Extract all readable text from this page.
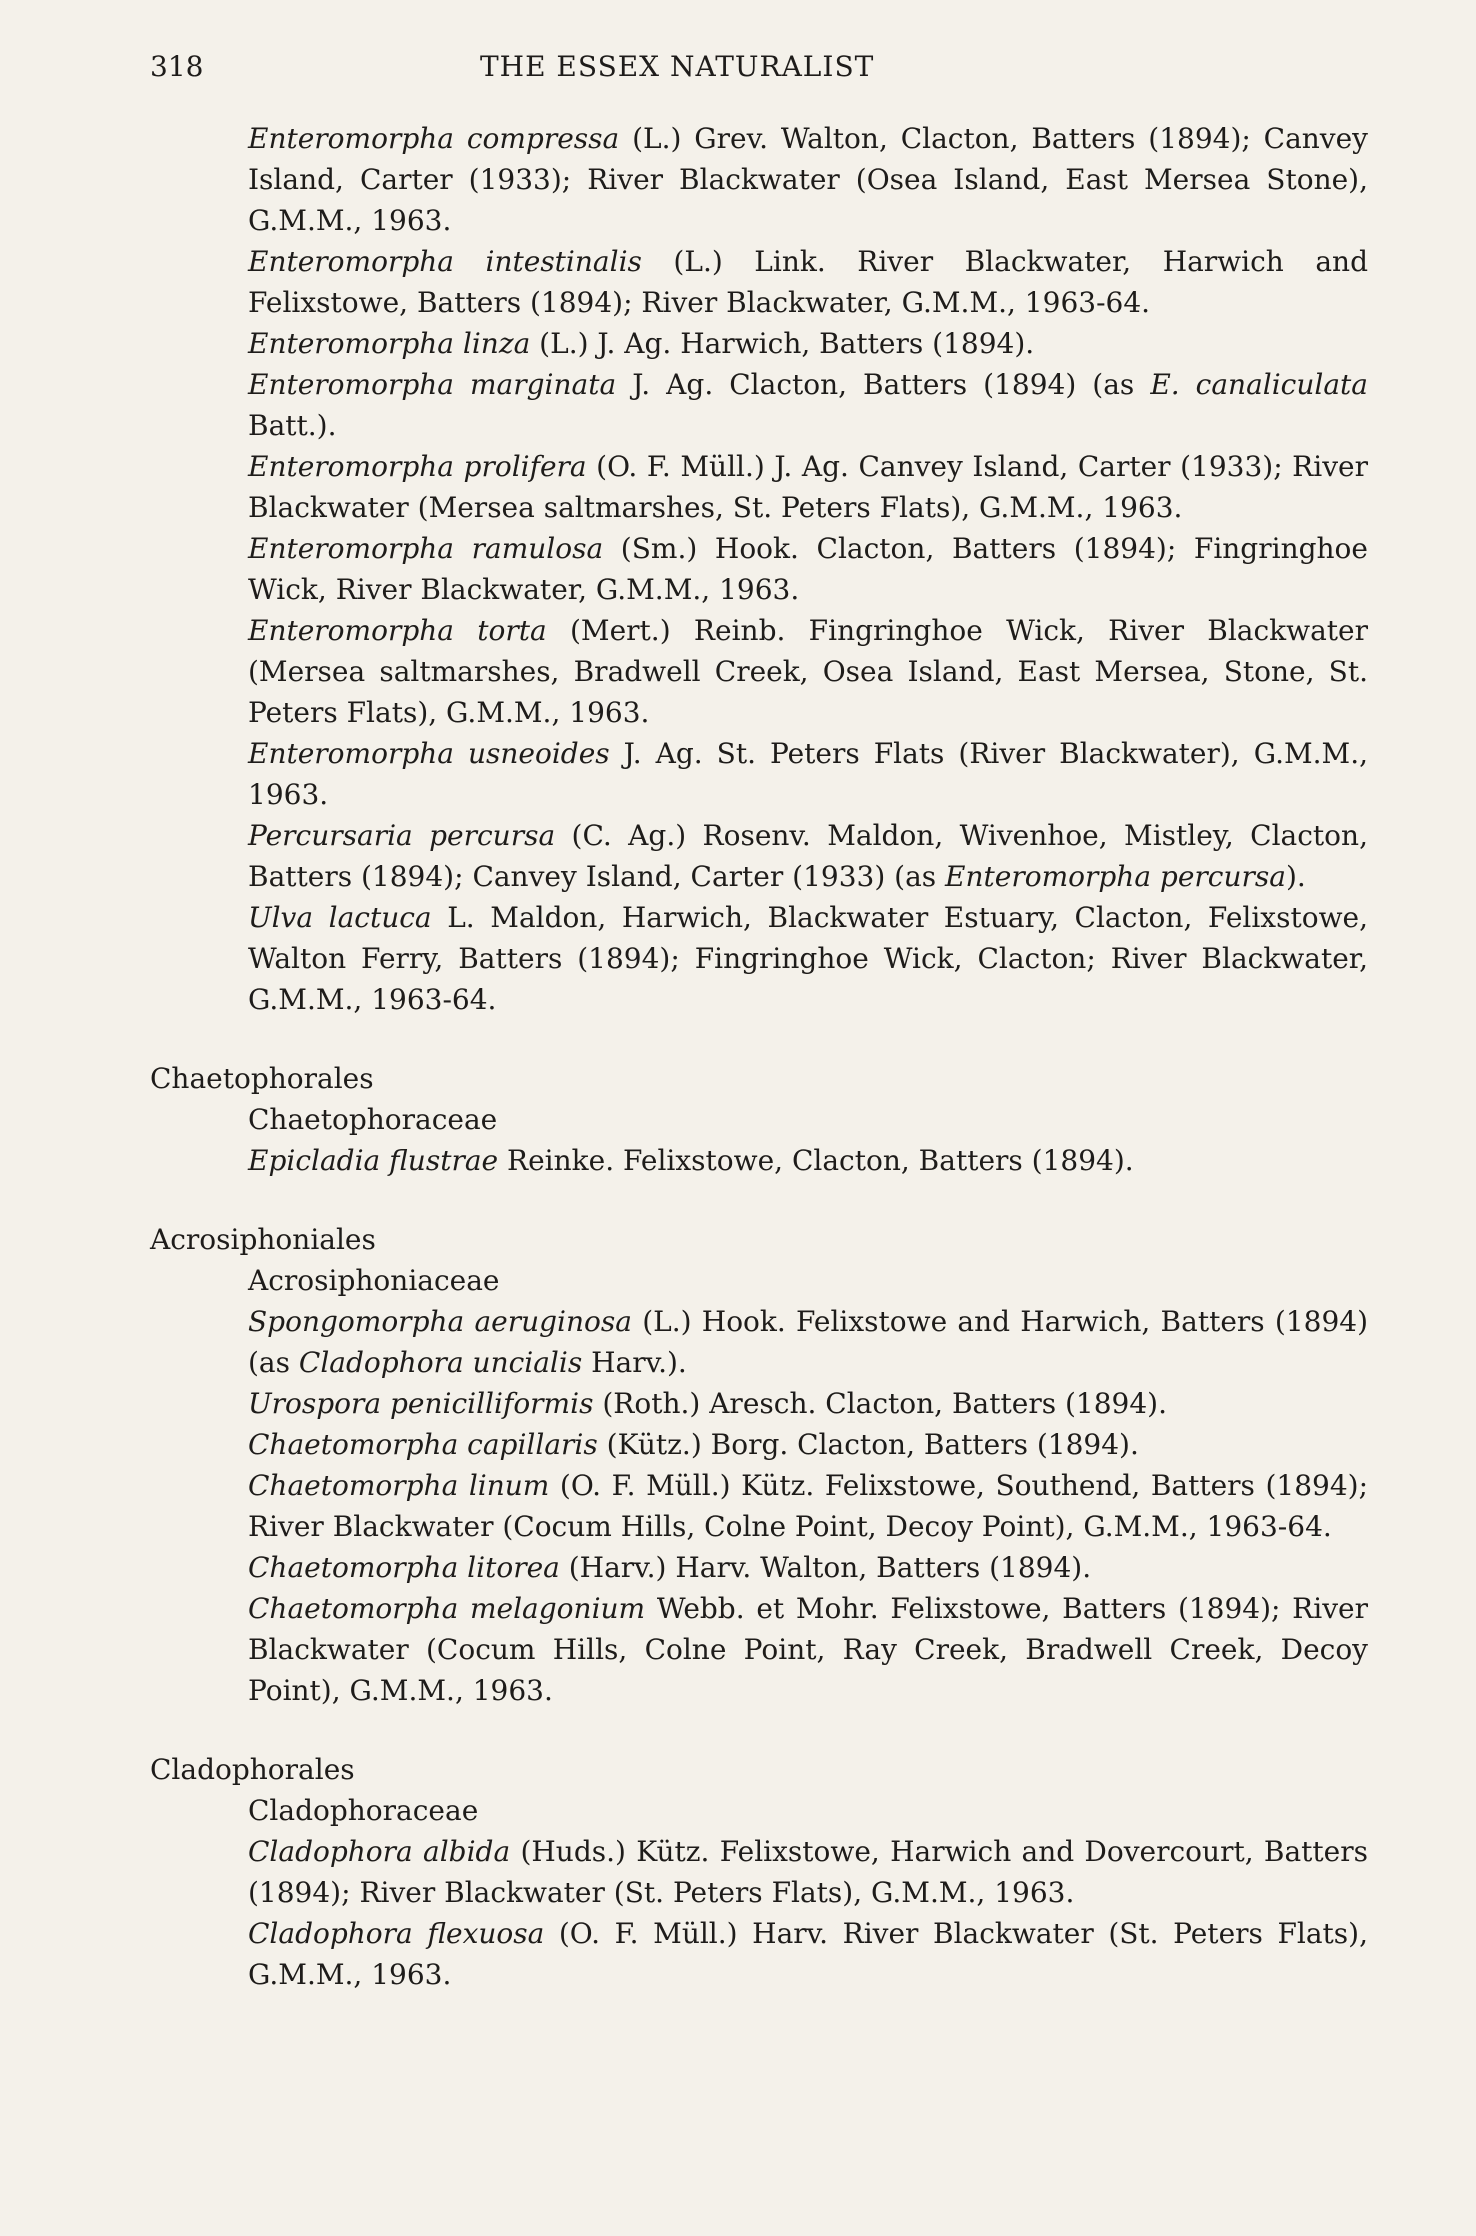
318	THE ESSEX NATURALIST

Enteromorpha compressa (L.) Grev. Walton, Clacton, Batters (1894); Canvey Island, Carter (1933); River Blackwater (Osea Island, East Mersea Stone), G.M.M., 1963.

Enteromorpha intestinalis (L.) Link. River Blackwater, Harwich and Felixstowe, Batters (1894); River Blackwater, G.M.M., 1963-64.

Enteromorpha linza (L.) J. Ag. Harwich, Batters (1894).

Enteromorpha marginata J. Ag. Clacton, Batters (1894) (as E. canaliculata Batt.).

Enteromorpha prolifera (O. F. Müll.) J. Ag. Canvey Island, Carter (1933); River Blackwater (Mersea saltmarshes, St. Peters Flats), G.M.M., 1963.

Enteromorpha ramulosa (Sm.) Hook. Clacton, Batters (1894); Fingringhoe Wick, River Blackwater, G.M.M., 1963.

Enteromorpha torta (Mert.) Reinb. Fingringhoe Wick, River Blackwater (Mersea saltmarshes, Bradwell Creek, Osea Island, East Mersea, Stone, St. Peters Flats), G.M.M., 1963.

Enteromorpha usneoides J. Ag. St. Peters Flats (River Blackwater), G.M.M., 1963.

Percursaria percursa (C. Ag.) Rosenv. Maldon, Wivenhoe, Mistley, Clacton, Batters (1894); Canvey Island, Carter (1933) (as Enteromorpha percursa).

Ulva lactuca L. Maldon, Harwich, Blackwater Estuary, Clacton, Felixstowe, Walton Ferry, Batters (1894); Fingringhoe Wick, Clacton; River Blackwater, G.M.M., 1963-64.

Chaetophorales

Chaetophoraceae

Epicladia flustrae Reinke. Felixstowe, Clacton, Batters (1894).

Acrosiphoniales

Acrosiphoniaceae

Spongomorpha aeruginosa (L.) Hook. Felixstowe and Harwich, Batters (1894) (as Cladophora uncialis Harv.).

Urospora penicilliformis (Roth.) Aresch. Clacton, Batters (1894).

Chaetomorpha capillaris (Kütz.) Borg. Clacton, Batters (1894).

Chaetomorpha linum (O. F. Müll.) Kütz. Felixstowe, Southend, Batters (1894); River Blackwater (Cocum Hills, Colne Point, Decoy Point), G.M.M., 1963-64.

Chaetomorpha litorea (Harv.) Harv. Walton, Batters (1894).

Chaetomorpha melagonium Webb. et Mohr. Felixstowe, Batters (1894); River Blackwater (Cocum Hills, Colne Point, Ray Creek, Bradwell Creek, Decoy Point), G.M.M., 1963.

Cladophorales

Cladophoraceae

Cladophora albida (Huds.) Kütz. Felixstowe, Harwich and Dovercourt, Batters (1894); River Blackwater (St. Peters Flats), G.M.M., 1963.

Cladophora flexuosa (O. F. Müll.) Harv. River Blackwater (St. Peters Flats), G.M.M., 1963.
